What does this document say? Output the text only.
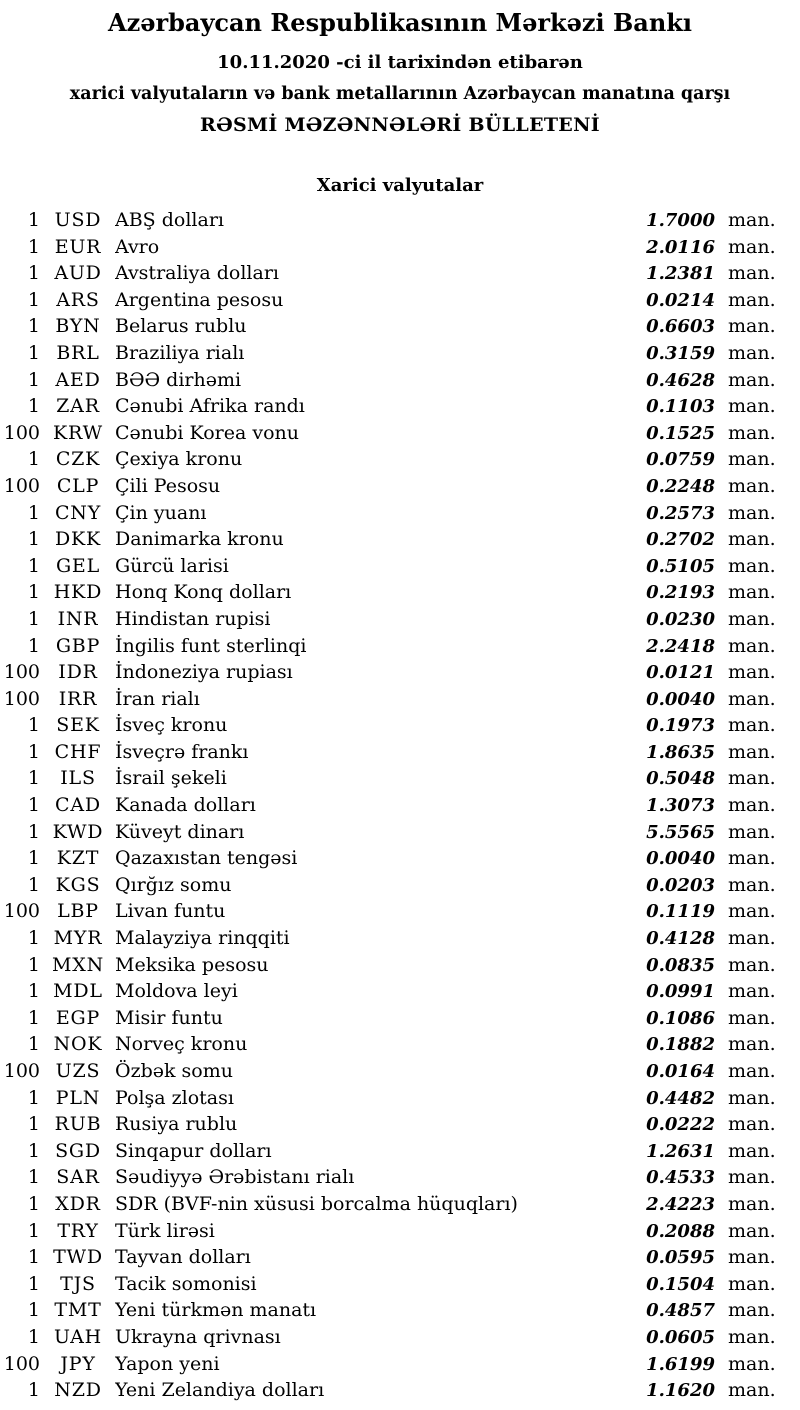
Azərbaycan Respublikasının Mərkəzi Bankı

10.11.2020 -ci il tarixindən etibarən

xarici valyutaların və bank metallarının Azərbaycan manatına qarşı

RƏSMİ MƏZƏNNƏLƏRİ BÜLLETENİ

Xarici valyutalar
1 USD ABŞ dolları	1.7000 man.
1 EUR Avro	2.0116 man.
1 AUD Avstraliya dolları	1.2381 man.
1 ARS Argentina pesosu	0.0214 man.
1 BYN Belarus rublu	0.6603 man.
1 BRL Braziliya rialı	0.3159 man.
1 AED BƏƏ dirhəmi	0.4628 man.
1 ZAR Cənubi Afrika randı	0.1103 man.
100 KRW Cənubi Korea vonu	0.1525 man.
1 CZK Çexiya kronu	0.0759 man.
100 CLP Çili Pesosu	0.2248 man.
1 CNY Çin yuanı	0.2573 man.
1 DKK Danimarka kronu	0.2702 man.
1 GEL Gürcü larisi	0.5105 man.
1 HKD Honq Konq dolları	0.2193 man.
1 INR Hindistan rupisi	0.0230 man.
1 GBP İngilis funt sterlinqi	2.2418 man.
100 IDR İndoneziya rupiası	0.0121 man.
100 IRR İran rialı	0.0040 man.
1 SEK İsveç kronu	0.1973 man.
1 CHF İsveçrə frankı	1.8635 man.
1	ILS	İsrail şekeli	0.5048 man.
1 CAD Kanada dolları	1.3073 man.
1 KWD Küveyt dinarı	5.5565 man.
1 KZT Qazaxıstan tengəsi	0.0040 man.
1 KGS Qırğız somu	0.0203 man.
100 LBP Livan funtu	0.1119 man.
1 MYR Malayziya rinqqiti	0.4128 man.
1 MXN Meksika pesosu	0.0835 man.
1 MDL Moldova leyi	0.0991 man.
1 EGP Misir funtu	0.1086 man.
1 NOK Norveç kronu	0.1882 man.
100 UZS Özbək somu	0.0164 man.
1 PLN Polşa zlotası	0.4482 man.
1 RUB Rusiya rublu	0.0222 man.
1 SGD Sinqapur dolları	1.2631 man.
1 SAR Səudiyyə Ərəbistanı rialı	0.4533 man.
1 XDR SDR (BVF-nin xüsusi borcalma hüquqları)	2.4223 man.
1 TRY Türk lirəsi	0.2088 man.
1 TWD Tayvan dolları	0.0595 man.
1	TJS	Tacik somonisi	0.1504 man.
1 TMT Yeni türkmən manatı	0.4857 man.
1 UAH Ukrayna qrivnası	0.0605 man.
100	JPY	Yapon yeni	1.6199 man.
1 NZD Yeni Zelandiya dolları	1.1620 man.
